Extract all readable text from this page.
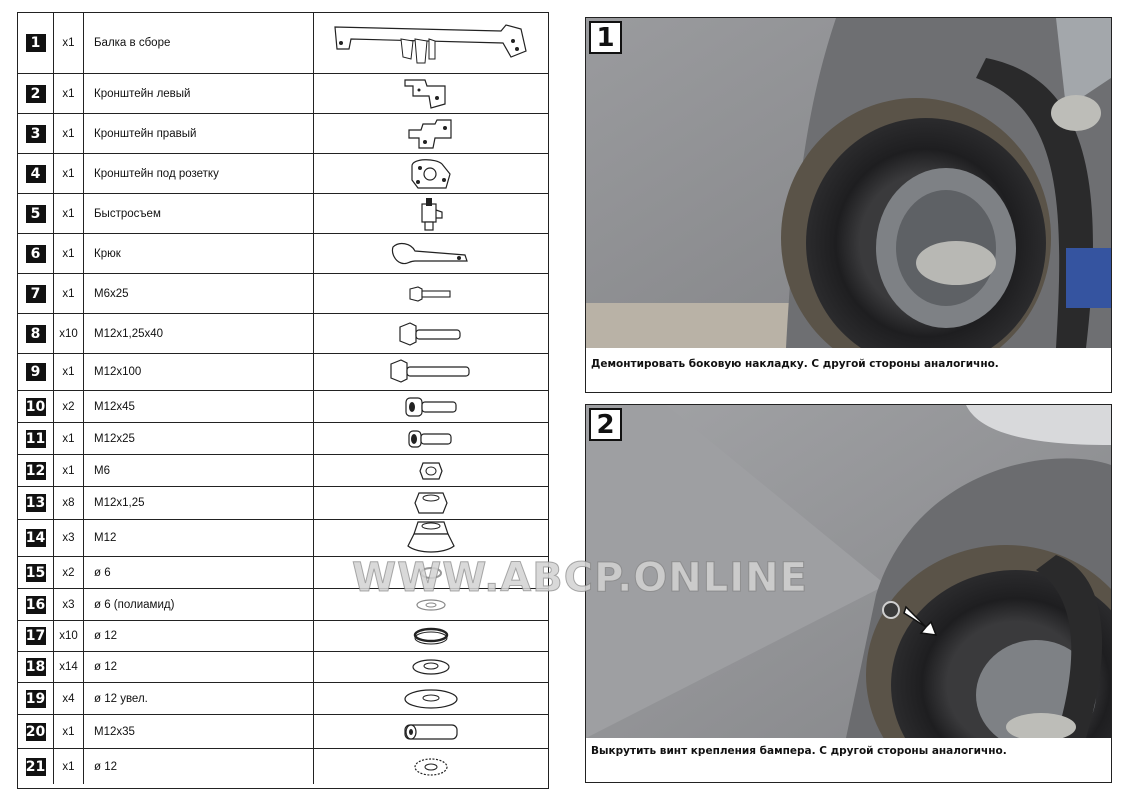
1	x1	Балка в сборе
2	x1	Кронштейн левый
3	x1	Кронштейн правый
4	x1	Кронштейн под розетку
5	x1	Быстросъем
6	x1	Крюк
7	x1	M6x25
8	x10	M12x1,25x40
9	x1	M12x100
10	x2	M12x45
11	x1	M12x25
12	x1	M6
13	x8	M12x1,25
14	x3	M12
15	x2	ø 6
16	x3	ø 6 (полиамид)
17	x10	ø 12
18	x14	ø 12
19	x4	ø 12 увел.
20	x1	M12x35
21	x1	ø 12
1
Демонтировать боковую накладку. С другой стороны аналогично.
2
Выкрутить винт крепления бампера. С другой стороны аналогично.
WWW.ABCP.ONLINE
